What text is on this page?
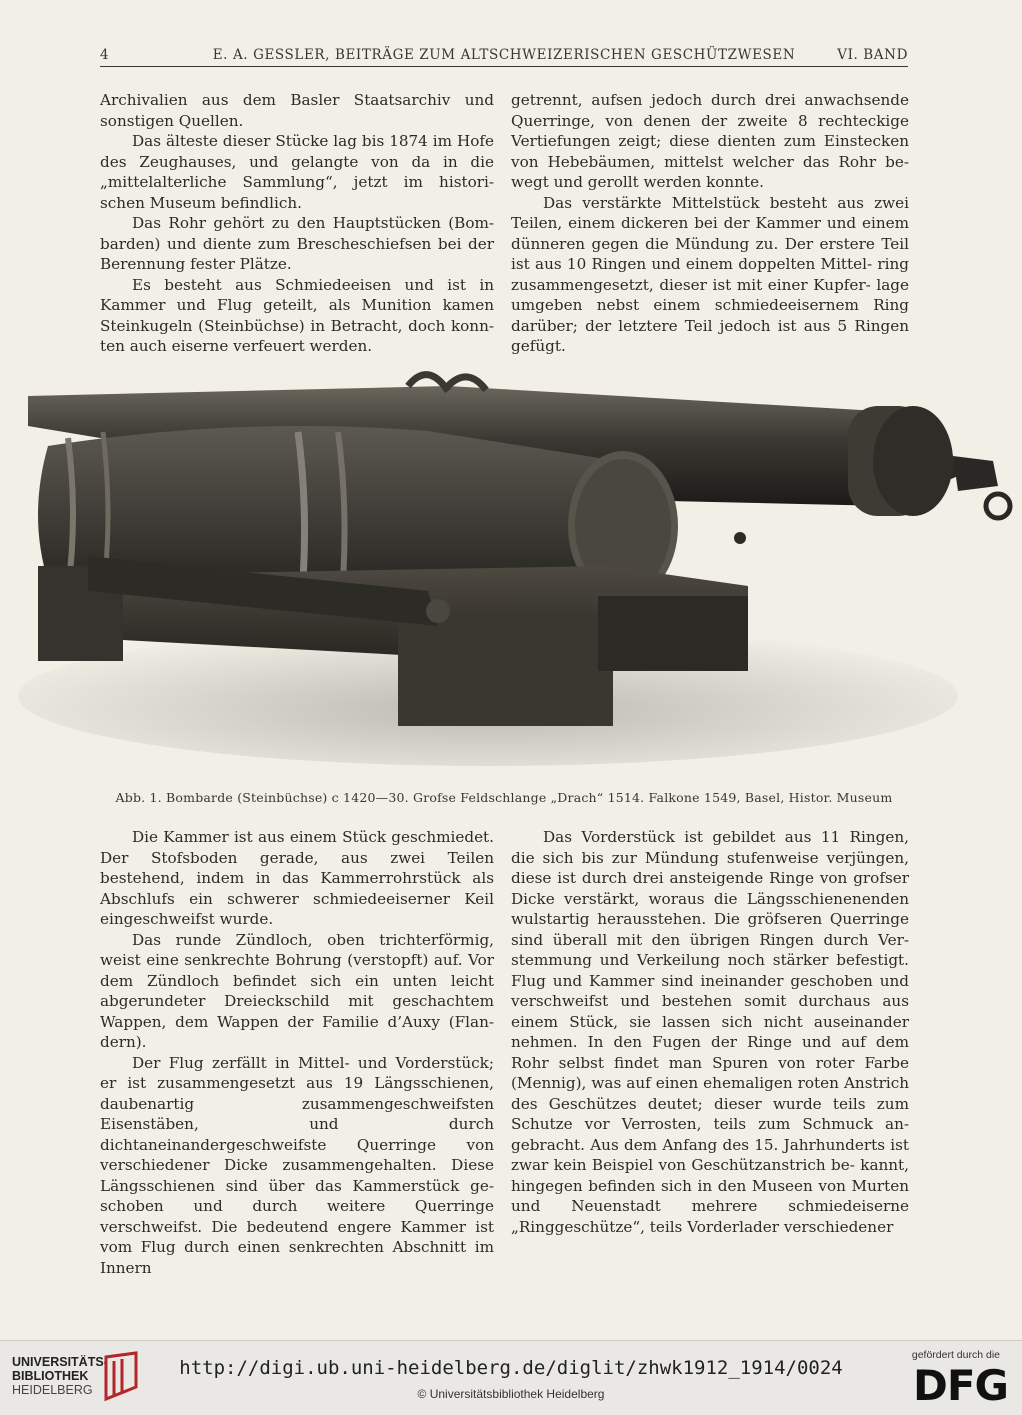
4	E. A. GESSLER, BEITRÄGE ZUM ALTSCHWEIZERISCHEN GESCHÜTZWESEN	VI. BAND

Archivalien aus dem Basler Staatsarchiv und sonstigen Quellen.

Das älteste dieser Stücke lag bis 1874 im Hofe des Zeughauses, und gelangte von da in die „mittelalterliche Sammlung“, jetzt im histori- schen Museum befindlich.

Das Rohr gehört zu den Hauptstücken (Bom- barden) und diente zum Brescheschiefsen bei der Berennung fester Plätze.

Es besteht aus Schmiedeeisen und ist in Kammer und Flug geteilt, als Munition kamen Steinkugeln (Steinbüchse) in Betracht, doch konn- ten auch eiserne verfeuert werden.

getrennt, aufsen jedoch durch drei anwachsende Querringe, von denen der zweite 8 rechteckige Vertiefungen zeigt; diese dienten zum Einstecken von Hebebäumen, mittelst welcher das Rohr be- wegt und gerollt werden konnte.

Das verstärkte Mittelstück besteht aus zwei Teilen, einem dickeren bei der Kammer und einem dünneren gegen die Mündung zu. Der erstere Teil ist aus 10 Ringen und einem doppelten Mittel- ring zusammengesetzt, dieser ist mit einer Kupfer- lage umgeben nebst einem schmiedeeisernem Ring darüber; der letztere Teil jedoch ist aus 5 Ringen gefügt.

Abb. 1. Bombarde (Steinbüchse) c 1420—30. Grofse Feldschlange „Drach“ 1514. Falkone 1549, Basel, Histor. Museum

Die Kammer ist aus einem Stück geschmiedet. Der Stofsboden gerade, aus zwei Teilen bestehend, indem in das Kammerrohrstück als Abschlufs ein schwerer schmiedeeiserner Keil eingeschweifst wurde.

Das runde Zündloch, oben trichterförmig, weist eine senkrechte Bohrung (verstopft) auf. Vor dem Zündloch befindet sich ein unten leicht abgerundeter Dreieckschild mit geschachtem Wappen, dem Wappen der Familie d’Auxy (Flan- dern).

Der Flug zerfällt in Mittel- und Vorderstück; er ist zusammengesetzt aus 19 Längsschienen, daubenartig zusammengeschweifsten Eisenstäben, und durch dichtaneinandergeschweifste Querringe von verschiedener Dicke zusammengehalten. Diese Längsschienen sind über das Kammerstück ge- schoben und durch weitere Querringe verschweifst. Die bedeutend engere Kammer ist vom Flug durch einen senkrechten Abschnitt im Innern

Das Vorderstück ist gebildet aus 11 Ringen, die sich bis zur Mündung stufenweise verjüngen, diese ist durch drei ansteigende Ringe von grofser Dicke verstärkt, woraus die Längsschienenenden wulstartig herausstehen. Die gröfseren Querringe sind überall mit den übrigen Ringen durch Ver- stemmung und Verkeilung noch stärker befestigt. Flug und Kammer sind ineinander geschoben und verschweifst und bestehen somit durchaus aus einem Stück, sie lassen sich nicht auseinander nehmen. In den Fugen der Ringe und auf dem Rohr selbst findet man Spuren von roter Farbe (Mennig), was auf einen ehemaligen roten Anstrich des Geschützes deutet; dieser wurde teils zum Schutze vor Verrosten, teils zum Schmuck an- gebracht. Aus dem Anfang des 15. Jahrhunderts ist zwar kein Beispiel von Geschützanstrich be- kannt, hingegen befinden sich in den Museen von Murten und Neuenstadt mehrere schmiedeiserne „Ringgeschütze“, teils Vorderlader verschiedener

UNIVERSITÄTS-
BIBLIOTHEK
HEIDELBERG
http://digi.ub.uni-heidelberg.de/diglit/zhwk1912_1914/0024
© Universitätsbibliothek Heidelberg
gefördert durch die
DFG
